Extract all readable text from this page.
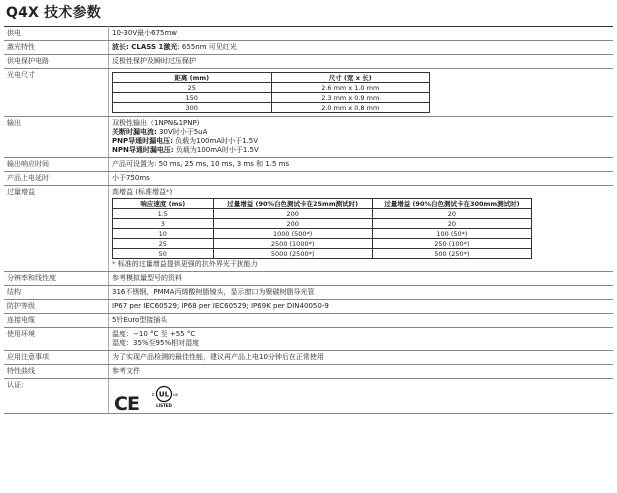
Q4X 技术参数
供电	10-30V最小675mw
激光特性	波长: CLASS 1激光: 655nm 可见红光
供电保护电路	反极性保护及瞬时过压保护
光电尺寸		距离 (mm)	尺寸 (宽 x 长)
25	2.6 mm x 1.0 mm
150	2.3 mm x 0.9 mm
300	2.0 mm x 0.8 mm

输出	双极性输出（1NPN&1PNP)
关断时漏电流: 30V时小于5uA
PNP导通时漏电压: 负载为100mA时小于1.5V
NPN导通时漏电压: 负载为100mA时小于1.5V

输出响应时间	产品可设置为: 50 ms, 25 ms, 10 ms, 3 ms 和 1.5 ms
产品上电延时	小于750ms
过量增益	高增益 (标准增益*)
响应速度 (ms)	过量增益 (90%白色测试卡在25mm测试时)	过量增益 (90%白色测试卡在300mm测试时)
1.5	200	20
3	200	20
10	1000 (500*)	100 (50*)
25	2500 (1000*)	250 (100*)
50	5000 (2500*)	500 (250*)
* 标准的过量增益提供更强的抗外界光干扰能力

分辨率和线性度	参考模拟量型号的资料
结构	316不锈钢，PMMA丙烯酸树脂镜头，显示窗口为聚碳树脂导光管
防护等级	IP67 per IEC60529; IP68 per IEC60529; IP69K per DIN40050-9
连接电缆	5针Euro型接插头
使用环境	温度：−10 °C 至 +55 °C
湿度：35%至95%相对湿度

应用注意事项	为了实现产品检测的最佳性能，建议再产品上电10分钟后在正常使用
特性曲线	参考文件
认证:	
CE	UL
c	us
LISTED
